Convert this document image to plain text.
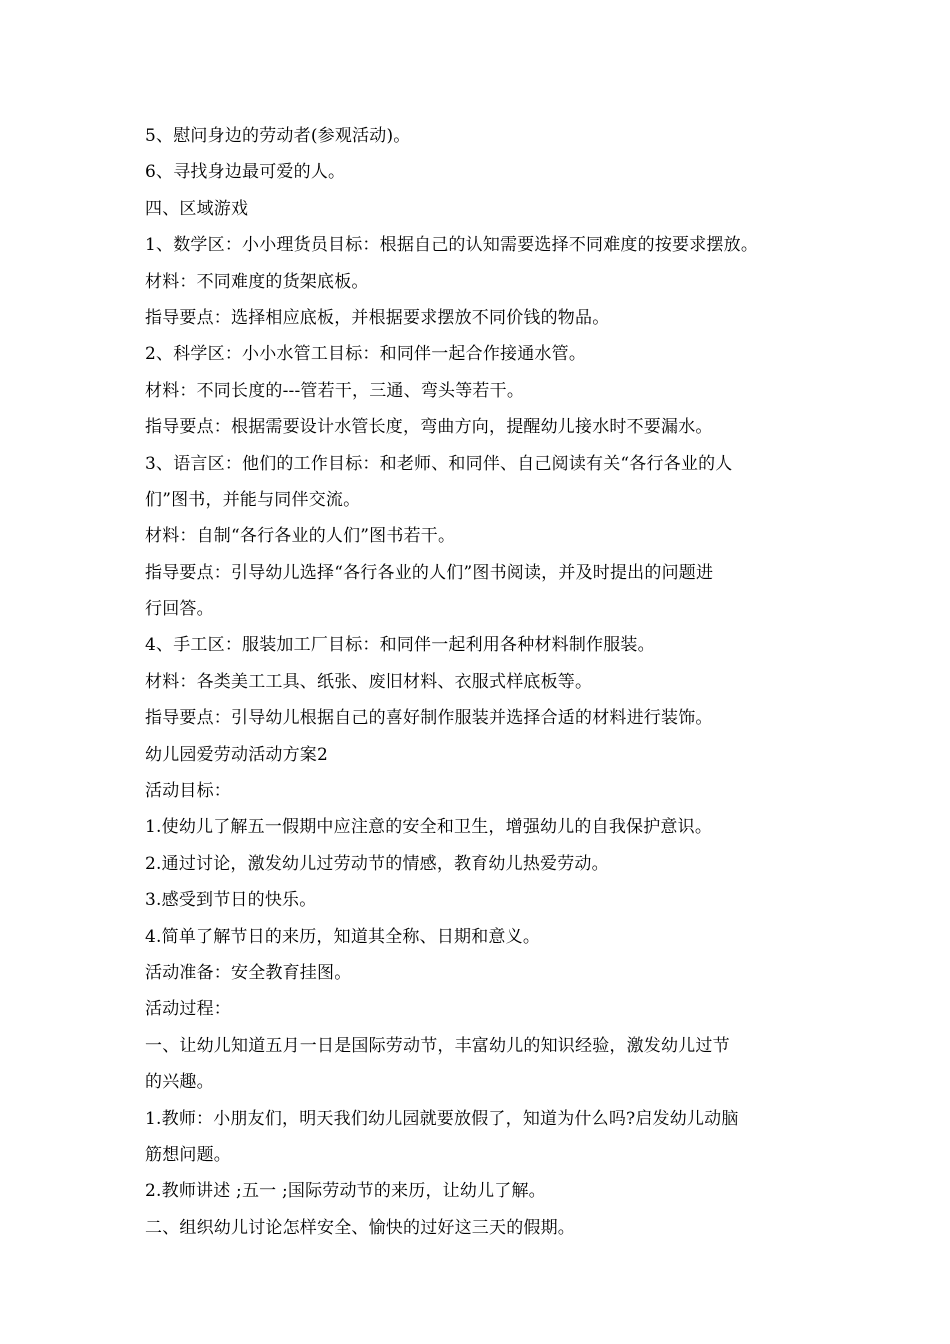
5、慰问身边的劳动者(参观活动)。
6、寻找身边最可爱的人。
四、区域游戏
1、数学区：小小理货员目标：根据自己的认知需要选择不同难度的按要求摆放。
材料：不同难度的货架底板。
指导要点：选择相应底板，并根据要求摆放不同价钱的物品。
2、科学区：小小水管工目标：和同伴一起合作接通水管。
材料：不同长度的---管若干，三通、弯头等若干。
指导要点：根据需要设计水管长度，弯曲方向，提醒幼儿接水时不要漏水。
3、语言区：他们的工作目标：和老师、和同伴、自己阅读有关“各行各业的人
们”图书，并能与同伴交流。
材料：自制“各行各业的人们”图书若干。
指导要点：引导幼儿选择“各行各业的人们”图书阅读，并及时提出的问题进
行回答。
4、手工区：服装加工厂目标：和同伴一起利用各种材料制作服装。
材料：各类美工工具、纸张、废旧材料、衣服式样底板等。
指导要点：引导幼儿根据自己的喜好制作服装并选择合适的材料进行装饰。
幼儿园爱劳动活动方案2
活动目标：
1.使幼儿了解五一假期中应注意的安全和卫生，增强幼儿的自我保护意识。
2.通过讨论，激发幼儿过劳动节的情感，教育幼儿热爱劳动。
3.感受到节日的快乐。
4.简单了解节日的来历，知道其全称、日期和意义。
活动准备：安全教育挂图。
活动过程：
一、让幼儿知道五月一日是国际劳动节，丰富幼儿的知识经验，激发幼儿过节
的兴趣。
1.教师：小朋友们，明天我们幼儿园就要放假了，知道为什么吗?启发幼儿动脑
筋想问题。
2.教师讲述 ;五一 ;国际劳动节的来历，让幼儿了解。
二、组织幼儿讨论怎样安全、愉快的过好这三天的假期。
